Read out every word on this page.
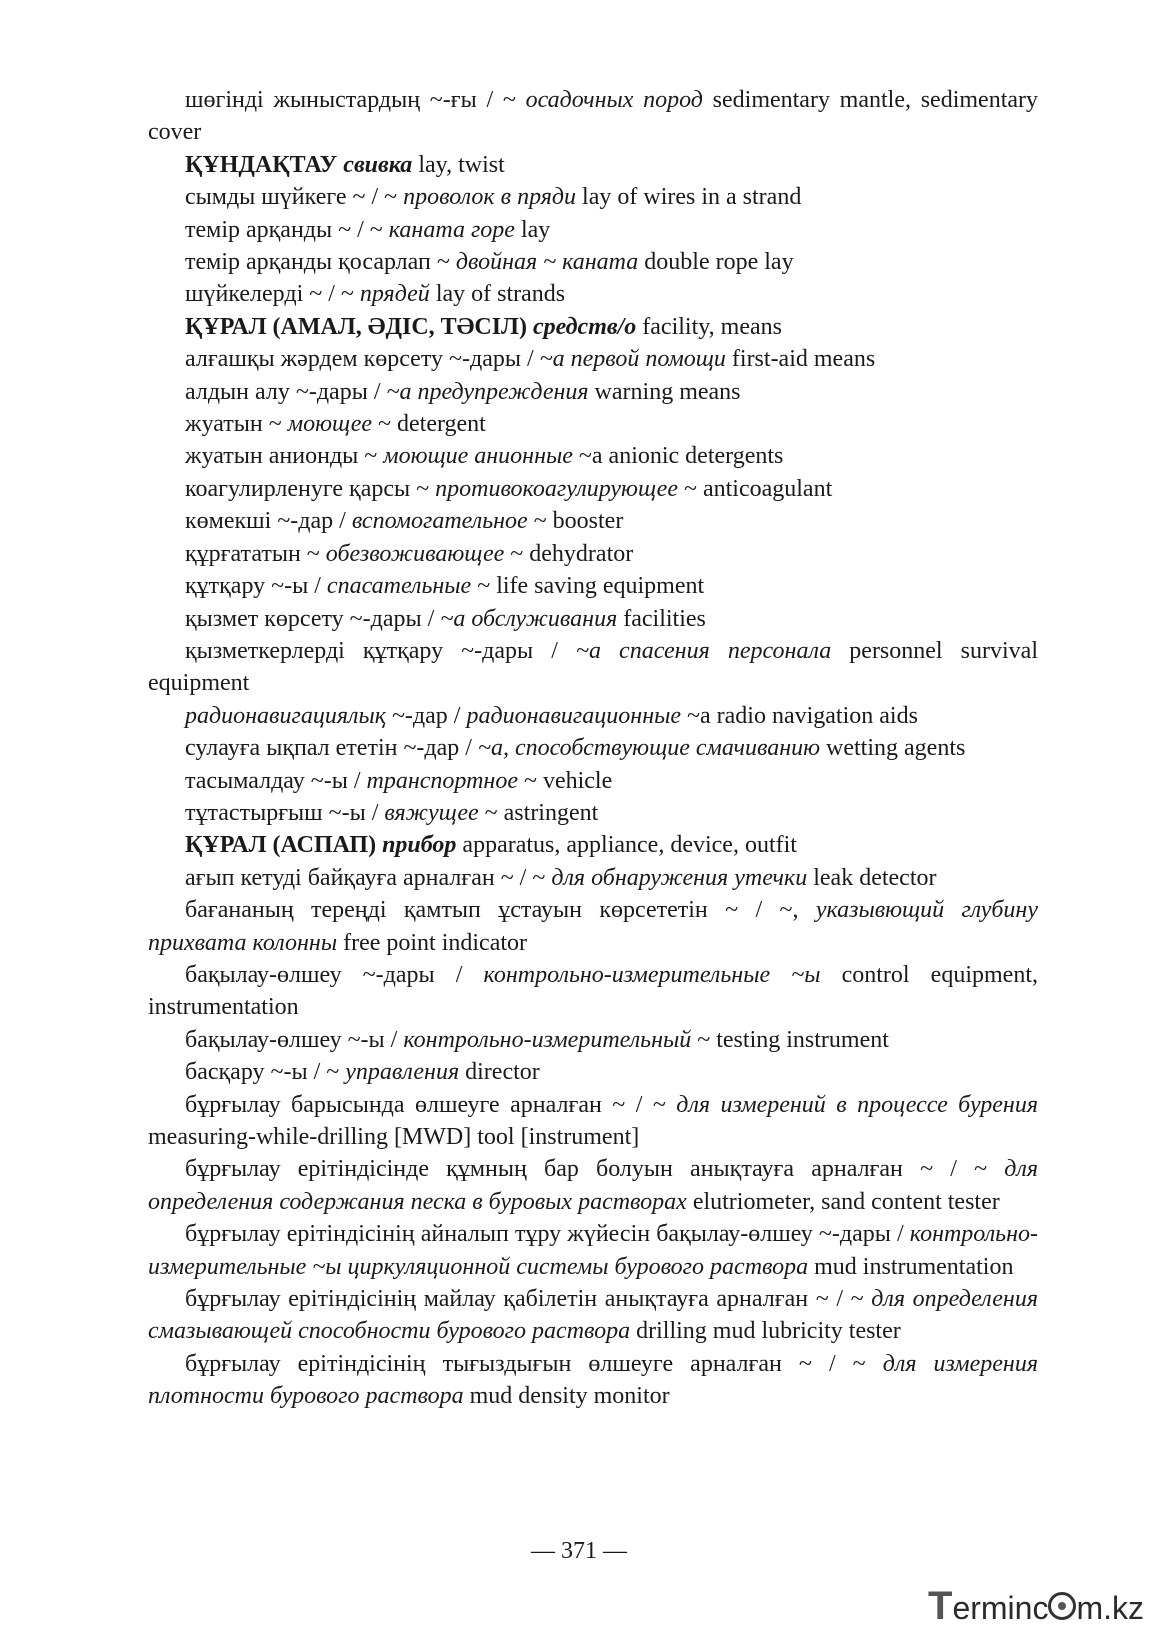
шөгінді жыныстардың ~-ғы / ~ осадочных пород sedimentary mantle, sedimentary cover

ҚҰНДАҚТАУ свивка lay, twist

сымды шүйкеге ~ / ~ проволок в пряди lay of wires in a strand

темір арқанды ~ / ~ каната горе lay

темір арқанды қосарлап ~ двойная ~ каната double rope lay

шүйкелерді ~ / ~ прядей lay of strands

ҚҰРАЛ (АМАЛ, ӘДІС, ТӘСІЛ) средств/о facility, means

алғашқы жәрдем көрсету ~-дары / ~а первой помощи first-aid means

алдын алу ~-дары / ~а предупреждения warning means

жуатын ~ моющее ~ detergent

жуатын анионды ~ моющие анионные ~а anionic detergents

коагулирленуге қарсы ~ противокоагулирующее ~ anticoagulant

көмекші ~-дар / вспомогательное ~ booster

құрғататын ~ обезвоживающее ~ dehydrator

құтқару ~-ы / спасательные ~ life saving equipment

қызмет көрсету ~-дары / ~а обслуживания facilities

қызметкерлерді құтқару ~-дары / ~а спасения персонала personnel survival equipment

радионавигациялық ~-дар / радионавигационные ~а radio navigation aids

сулауға ықпал ететін ~-дар / ~а, способствующие смачиванию wetting agents

тасымалдау ~-ы / транспортное ~ vehicle

тұтастырғыш ~-ы / вяжущее ~ astringent

ҚҰРАЛ (АСПАП) прибор apparatus, appliance, device, outfit

ағып кетуді байқауға арналған ~ / ~ для обнаружения утечки leak detector

бағананың тереңді қамтып ұстауын көрсететін ~ / ~, указывющий глубину прихвата колонны free point indicator

бақылау-өлшеу ~-дары / контрольно-измерительные ~ы control equipment, instrumentation

бақылау-өлшеу ~-ы / контрольно-измерительный ~ testing instrument

басқару ~-ы / ~ управления director

бұрғылау барысында өлшеуге арналған ~ / ~ для измерений в процессе бурения measuring-while-drilling [MWD] tool [instrument]

бұрғылау ерітіндісінде құмның бар болуын анықтауға арналған ~ / ~ для определения содержания песка в буровых растворах elutriometer, sand content tester

бұрғылау ерітіндісінің айналып тұру жүйесін бақылау-өлшеу ~-дары / контрольно-измерительные ~ы циркуляционной системы бурового раствора mud instrumentation

бұрғылау ерітіндісінің майлау қабілетін анықтауға арналған ~ / ~ для определения смазывающей способности бурового раствора drilling mud lubricity tester

бұрғылау ерітіндісінің тығыздығын өлшеуге арналған ~ / ~ для измерения плотности бурового раствора mud density monitor

— 371 —
Terminc m.kz
